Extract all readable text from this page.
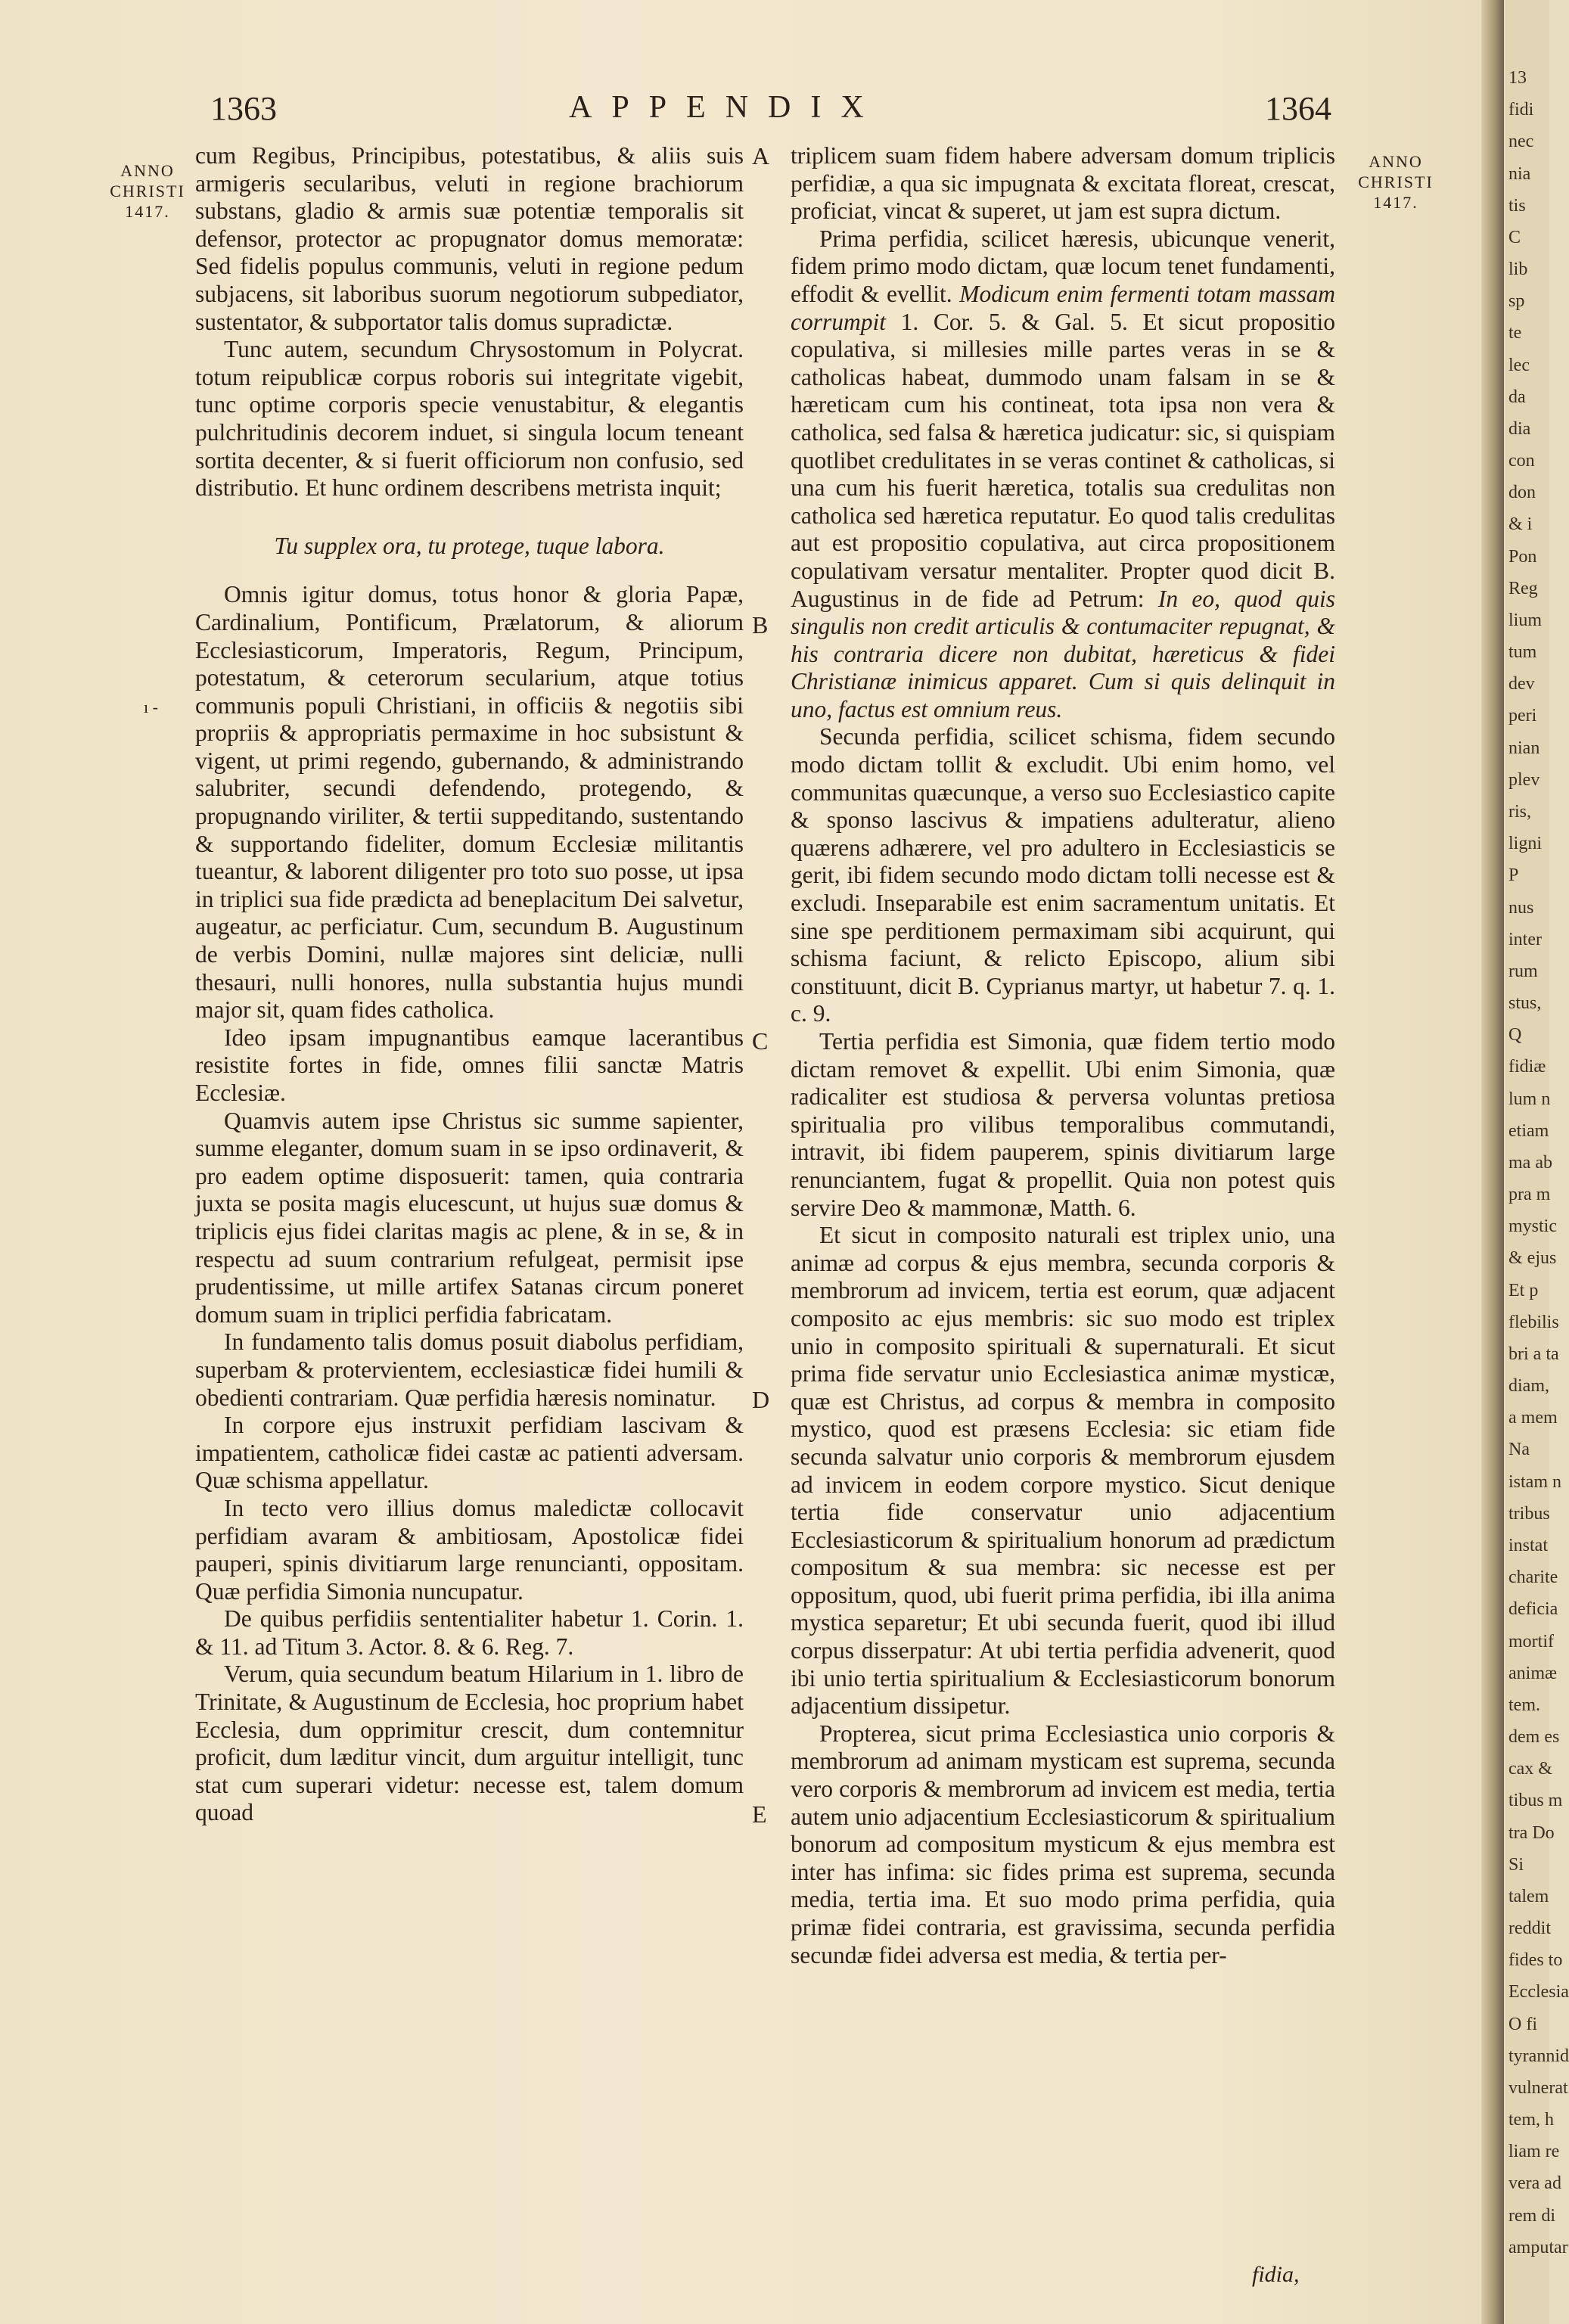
1363	APPENDIX	1364
ANNO
CHRISTI
1417.
ANNO
CHRISTI
1417.
A
B
C
D
E

cum Regibus, Principibus, potestatibus, & aliis suis armigeris secularibus, veluti in regione brachiorum substans, gladio & armis suæ potentiæ temporalis sit defensor, protector ac propugnator domus memoratæ: Sed fidelis populus communis, veluti in regione pedum subjacens, sit laboribus suorum negotiorum subpediator, sustentator, & subportator talis domus supradictæ.

Tunc autem, secundum Chrysostomum in Polycrat. totum reipublicæ corpus roboris sui integritate vigebit, tunc optime corporis specie venustabitur, & elegantis pulchritudinis decorem induet, si singula locum teneant sortita decenter, & si fuerit officiorum non confusio, sed distributio. Et hunc ordinem describens metrista inquit;

Tu supplex ora, tu protege, tuque labora.

Omnis igitur domus, totus honor & gloria Papæ, Cardinalium, Pontificum, Prælatorum, & aliorum Ecclesiasticorum, Imperatoris, Regum, Principum, potestatum, & ceterorum secularium, atque totius communis populi Christiani, in officiis & negotiis sibi propriis & appropriatis permaxime in hoc subsistunt & vigent, ut primi regendo, gubernando, & administrando salubriter, secundi defendendo, protegendo, & propugnando viriliter, & tertii suppeditando, sustentando & supportando fideliter, domum Ecclesiæ militantis tueantur, & laborent diligenter pro toto suo posse, ut ipsa in triplici sua fide prædicta ad beneplacitum Dei salvetur, augeatur, ac perficiatur. Cum, secundum B. Augustinum de verbis Domini, nullæ majores sint deliciæ, nulli thesauri, nulli honores, nulla substantia hujus mundi major sit, quam fides catholica.

Ideo ipsam impugnantibus eamque lacerantibus resistite fortes in fide, omnes filii sanctæ Matris Ecclesiæ.

Quamvis autem ipse Christus sic summe sapienter, summe eleganter, domum suam in se ipso ordinaverit, & pro eadem optime disposuerit: tamen, quia contraria juxta se posita magis elucescunt, ut hujus suæ domus & triplicis ejus fidei claritas magis ac plene, & in se, & in respectu ad suum contrarium refulgeat, permisit ipse prudentissime, ut mille artifex Satanas circum poneret domum suam in triplici perfidia fabricatam.

In fundamento talis domus posuit diabolus perfidiam, superbam & protervientem, ecclesiasticæ fidei humili & obedienti contrariam. Quæ perfidia hæresis nominatur.

In corpore ejus instruxit perfidiam lascivam & impatientem, catholicæ fidei castæ ac patienti adversam. Quæ schisma appellatur.

In tecto vero illius domus maledictæ collocavit perfidiam avaram & ambitiosam, Apostolicæ fidei pauperi, spinis divitiarum large renuncianti, oppositam. Quæ perfidia Simonia nuncupatur.

De quibus perfidiis sententialiter habetur 1. Corin. 1. & 11. ad Titum 3. Actor. 8. & 6. Reg. 7.

Verum, quia secundum beatum Hilarium in 1. libro de Trinitate, & Augustinum de Ecclesia, hoc proprium habet Ecclesia, dum opprimitur crescit, dum contemnitur proficit, dum læditur vincit, dum arguitur intelligit, tunc stat cum superari videtur: necesse est, talem domum quoad

triplicem suam fidem habere adversam domum triplicis perfidiæ, a qua sic impugnata & excitata floreat, crescat, proficiat, vincat & superet, ut jam est supra dictum.

Prima perfidia, scilicet hæresis, ubicunque venerit, fidem primo modo dictam, quæ locum tenet fundamenti, effodit & evellit. Modicum enim fermenti totam massam corrumpit 1. Cor. 5. & Gal. 5. Et sicut propositio copulativa, si millesies mille partes veras in se & catholicas habeat, dummodo unam falsam in se & hæreticam cum his contineat, tota ipsa non vera & catholica, sed falsa & hæretica judicatur: sic, si quispiam quotlibet credulitates in se veras continet & catholicas, si una cum his fuerit hæretica, totalis sua credulitas non catholica sed hæretica reputatur. Eo quod talis credulitas aut est propositio copulativa, aut circa propositionem copulativam versatur mentaliter. Propter quod dicit B. Augustinus in de fide ad Petrum: In eo, quod quis singulis non credit articulis & contumaciter repugnat, & his contraria dicere non dubitat, hæreticus & fidei Christianæ inimicus apparet. Cum si quis delinquit in uno, factus est omnium reus.

Secunda perfidia, scilicet schisma, fidem secundo modo dictam tollit & excludit. Ubi enim homo, vel communitas quæcunque, a verso suo Ecclesiastico capite & sponso lascivus & impatiens adulteratur, alieno quærens adhærere, vel pro adultero in Ecclesiasticis se gerit, ibi fidem secundo modo dictam tolli necesse est & excludi. Inseparabile est enim sacramentum unitatis. Et sine spe perditionem permaximam sibi acquirunt, qui schisma faciunt, & relicto Episcopo, alium sibi constituunt, dicit B. Cyprianus martyr, ut habetur 7. q. 1. c. 9.

Tertia perfidia est Simonia, quæ fidem tertio modo dictam removet & expellit. Ubi enim Simonia, quæ radicaliter est studiosa & perversa voluntas pretiosa spiritualia pro vilibus temporalibus commutandi, intravit, ibi fidem pauperem, spinis divitiarum large renunciantem, fugat & propellit. Quia non potest quis servire Deo & mammonæ, Matth. 6.

Et sicut in composito naturali est triplex unio, una animæ ad corpus & ejus membra, secunda corporis & membrorum ad invicem, tertia est eorum, quæ adjacent composito ac ejus membris: sic suo modo est triplex unio in composito spirituali & supernaturali. Et sicut prima fide servatur unio Ecclesiastica animæ mysticæ, quæ est Christus, ad corpus & membra in composito mystico, quod est præsens Ecclesia: sic etiam fide secunda salvatur unio corporis & membrorum ejusdem ad invicem in eodem corpore mystico. Sicut denique tertia fide conservatur unio adjacentium Ecclesiasticorum & spiritualium honorum ad prædictum compositum & sua membra: sic necesse est per oppositum, quod, ubi fuerit prima perfidia, ibi illa anima mystica separetur; Et ubi secunda fuerit, quod ibi illud corpus disserpatur: At ubi tertia perfidia advenerit, quod ibi unio tertia spiritualium & Ecclesiasticorum bonorum adjacentium dissipetur.

Propterea, sicut prima Ecclesiastica unio corporis & membrorum ad animam mysticam est suprema, secunda vero corporis & membrorum ad invicem est media, tertia autem unio adjacentium Ecclesiasticorum & spiritualium bonorum ad compositum mysticum & ejus membra est inter has infima: sic fides prima est suprema, secunda media, tertia ima. Et suo modo prima perfidia, quia primæ fidei contraria, est gravissima, secunda perfidia secundæ fidei adversa est media, & tertia per-

fidia,
ı -
13
fidi
nec
nia
tis
C
lib
sp
te
lec
da
dia
con
don
& i
Pon
Reg
lium
tum
dev
peri
nian
plev
ris,
ligni
P
nus
inter
rum
stus,
Q
fidiæ
lum n
etiam
ma ab
pra m
mystic
& ejus
Et p
flebilis
bri a ta
diam,
a mem
Na
istam n
tribus
instat
charite
deficia
mortif
animæ
tem.
dem es
cax &
tibus m
tra Do
Si
talem
reddit
fides to
Ecclesia
O fi
tyrannid
vulnerat
tem, h
liam re
vera ad
rem di
amputar
